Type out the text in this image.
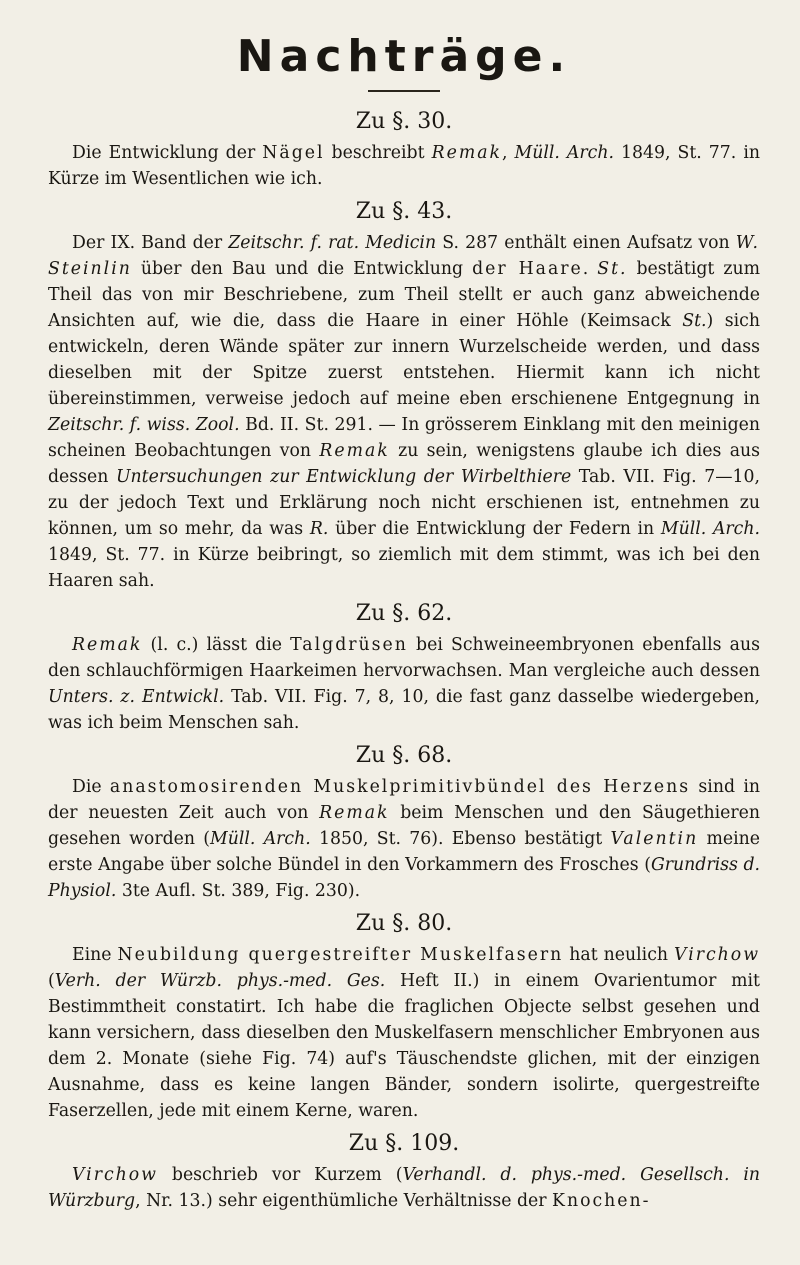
Nachträge.
Zu §. 30.

Die Entwicklung der Nägel beschreibt Remak, Müll. Arch. 1849, St. 77. in Kürze im Wesentlichen wie ich.

Zu §. 43.

Der IX. Band der Zeitschr. f. rat. Medicin S. 287 enthält einen Aufsatz von W. Steinlin über den Bau und die Entwicklung der Haare. St. bestätigt zum Theil das von mir Beschriebene, zum Theil stellt er auch ganz abweichende Ansichten auf, wie die, dass die Haare in einer Höhle (Keimsack St.) sich entwickeln, deren Wände später zur innern Wurzelscheide werden, und dass dieselben mit der Spitze zuerst entstehen. Hiermit kann ich nicht übereinstimmen, verweise jedoch auf meine eben erschienene Entgegnung in Zeitschr. f. wiss. Zool. Bd. II. St. 291. — In grösserem Einklang mit den meinigen scheinen Beobachtungen von Remak zu sein, wenigstens glaube ich dies aus dessen Untersuchungen zur Entwicklung der Wirbelthiere Tab. VII. Fig. 7—10, zu der jedoch Text und Erklärung noch nicht erschienen ist, entnehmen zu können, um so mehr, da was R. über die Entwicklung der Federn in Müll. Arch. 1849, St. 77. in Kürze beibringt, so ziemlich mit dem stimmt, was ich bei den Haaren sah.

Zu §. 62.

Remak (l. c.) lässt die Talgdrüsen bei Schweineembryonen ebenfalls aus den schlauchförmigen Haarkeimen hervorwachsen. Man vergleiche auch dessen Unters. z. Entwickl. Tab. VII. Fig. 7, 8, 10, die fast ganz dasselbe wiedergeben, was ich beim Menschen sah.

Zu §. 68.

Die anastomosirenden Muskelprimitivbündel des Herzens sind in der neuesten Zeit auch von Remak beim Menschen und den Säugethieren gesehen worden (Müll. Arch. 1850, St. 76). Ebenso bestätigt Valentin meine erste Angabe über solche Bündel in den Vorkammern des Frosches (Grundriss d. Physiol. 3te Aufl. St. 389, Fig. 230).

Zu §. 80.

Eine Neubildung quergestreifter Muskelfasern hat neulich Virchow (Verh. der Würzb. phys.-med. Ges. Heft II.) in einem Ovarientumor mit Bestimmtheit constatirt. Ich habe die fraglichen Objecte selbst gesehen und kann versichern, dass dieselben den Muskelfasern menschlicher Embryonen aus dem 2. Monate (siehe Fig. 74) auf's Täuschendste glichen, mit der einzigen Ausnahme, dass es keine langen Bänder, sondern isolirte, quergestreifte Faserzellen, jede mit einem Kerne, waren.

Zu §. 109.

Virchow beschrieb vor Kurzem (Verhandl. d. phys.-med. Gesellsch. in Würzburg, Nr. 13.) sehr eigenthümliche Verhältnisse der Knochen-
